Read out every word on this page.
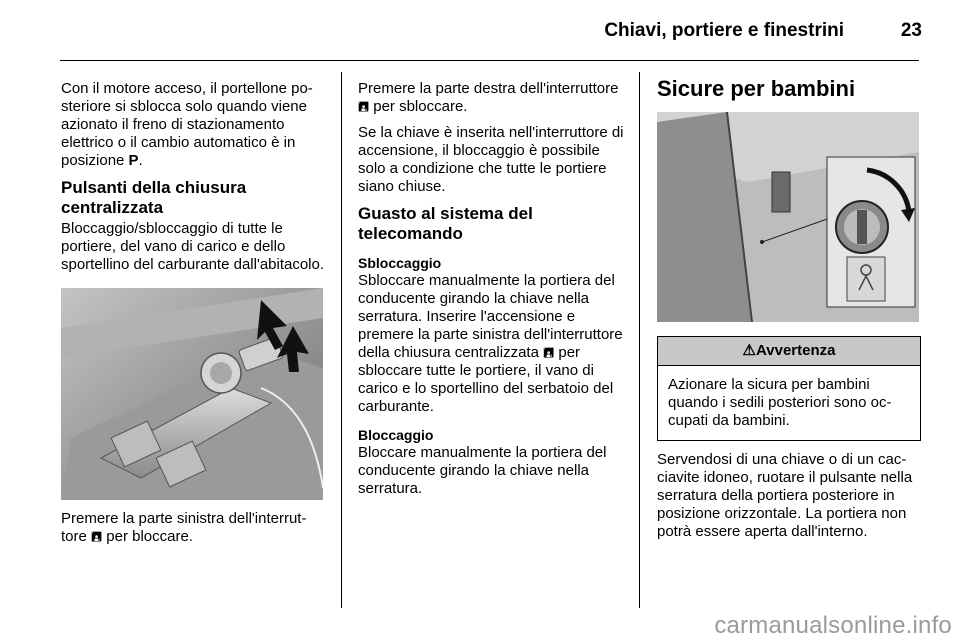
Chiavi, portiere e finestrini	23

Con il motore acceso, il portellone posteriore si sblocca solo quando viene azionato il freno di stazionamento elettrico o il cambio automatico è in posizione P.

Pulsanti della chiusura centralizzata

Bloccaggio/sbloccaggio di tutte le portiere, del vano di carico e dello sportellino del carburante dall'abitacolo.

Premere la parte sinistra dell'interruttore 🖪 per bloccare.

Premere la parte destra dell'interruttore 🖪 per sbloccare.

Se la chiave è inserita nell'interruttore di accensione, il bloccaggio è possibile solo a condizione che tutte le portiere siano chiuse.

Guasto al sistema del telecomando
Sbloccaggio

Sbloccare manualmente la portiera del conducente girando la chiave nella serratura. Inserire l'accensione e premere la parte sinistra dell'interruttore della chiusura centralizzata 🖪 per sbloccare tutte le portiere, il vano di carico e lo sportellino del serbatoio del carburante.

Bloccaggio

Bloccare manualmente la portiera del conducente girando la chiave nella serratura.

Sicure per bambini
⚠Avvertenza
Azionare la sicura per bambini quando i sedili posteriori sono occupati da bambini.

Servendosi di una chiave o di un cacciavite idoneo, ruotare il pulsante nella serratura della portiera posteriore in posizione orizzontale. La portiera non potrà essere aperta dall'interno.

carmanualsonline.info
